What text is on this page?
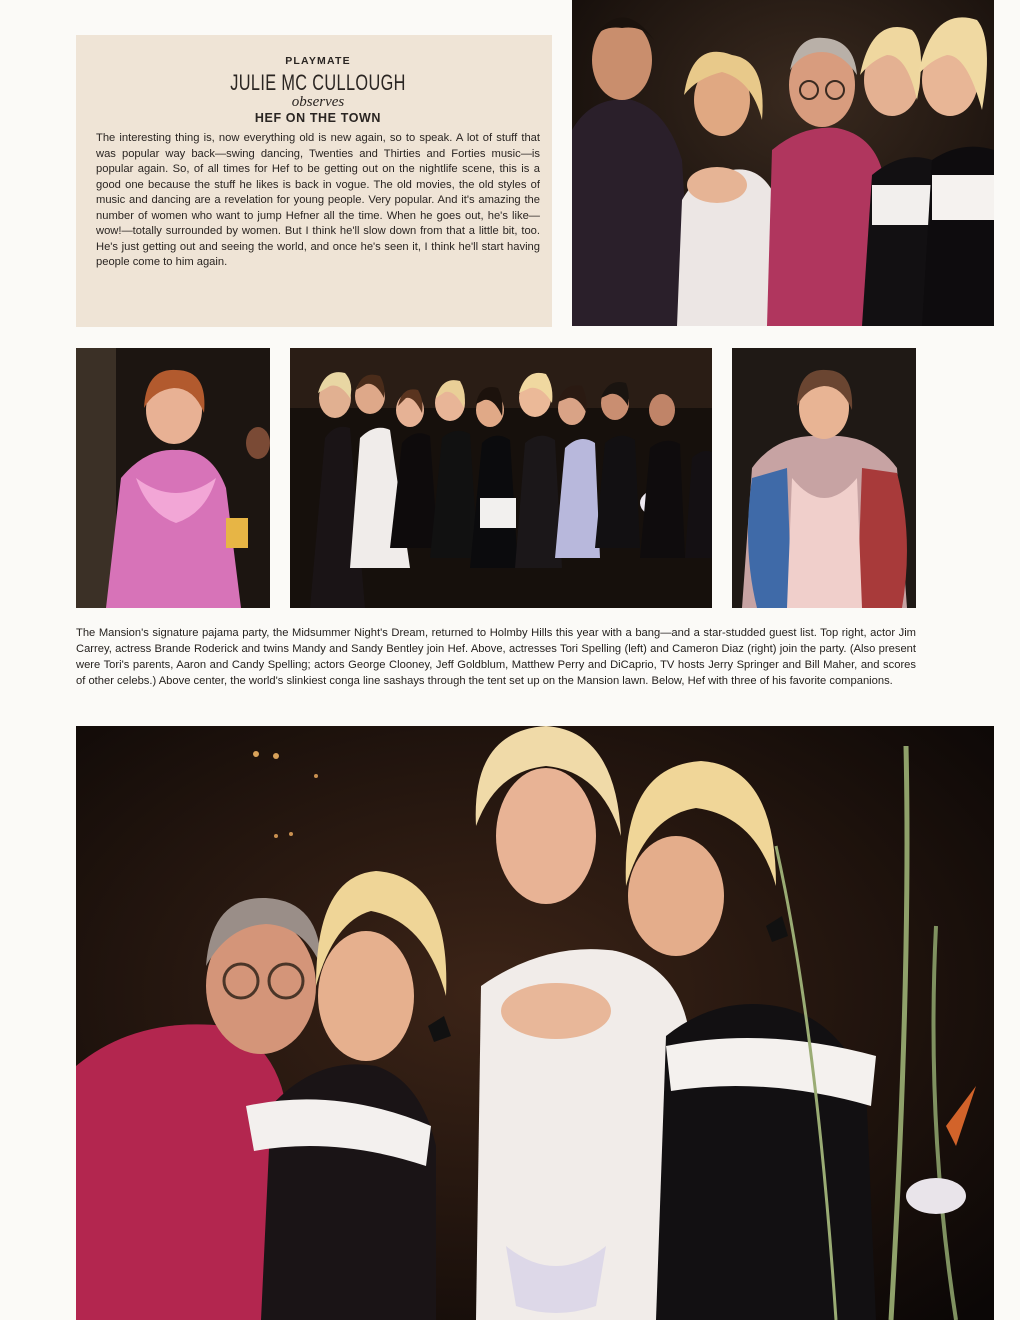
PLAYMATE
JULIE MC CULLOUGH
observes
HEF ON THE TOWN
The interesting thing is, now everything old is new again, so to speak. A lot of stuff that was popular way back—swing dancing, Twenties and Thirties and Forties music—is popular again. So, of all times for Hef to be getting out on the nightlife scene, this is a good one because the stuff he likes is back in vogue. The old movies, the old styles of music and dancing are a revelation for young people. Very popular. And it's amazing the number of women who want to jump Hefner all the time. When he goes out, he's like—wow!—totally surrounded by women. But I think he'll slow down from that a little bit, too. He's just getting out and seeing the world, and once he's seen it, I think he'll start having people come to him again.
The Mansion's signature pajama party, the Midsummer Night's Dream, returned to Holmby Hills this year with a bang—and a star-studded guest list. Top right, actor Jim Carrey, actress Brande Roderick and twins Mandy and Sandy Bentley join Hef. Above, actresses Tori Spelling (left) and Cameron Diaz (right) join the party. (Also present were Tori's parents, Aaron and Candy Spelling; actors George Clooney, Jeff Goldblum, Matthew Perry and DiCaprio, TV hosts Jerry Springer and Bill Maher, and scores of other celebs.) Above center, the world's slinkiest conga line sashays through the tent set up on the Mansion lawn. Below, Hef with three of his favorite companions.
